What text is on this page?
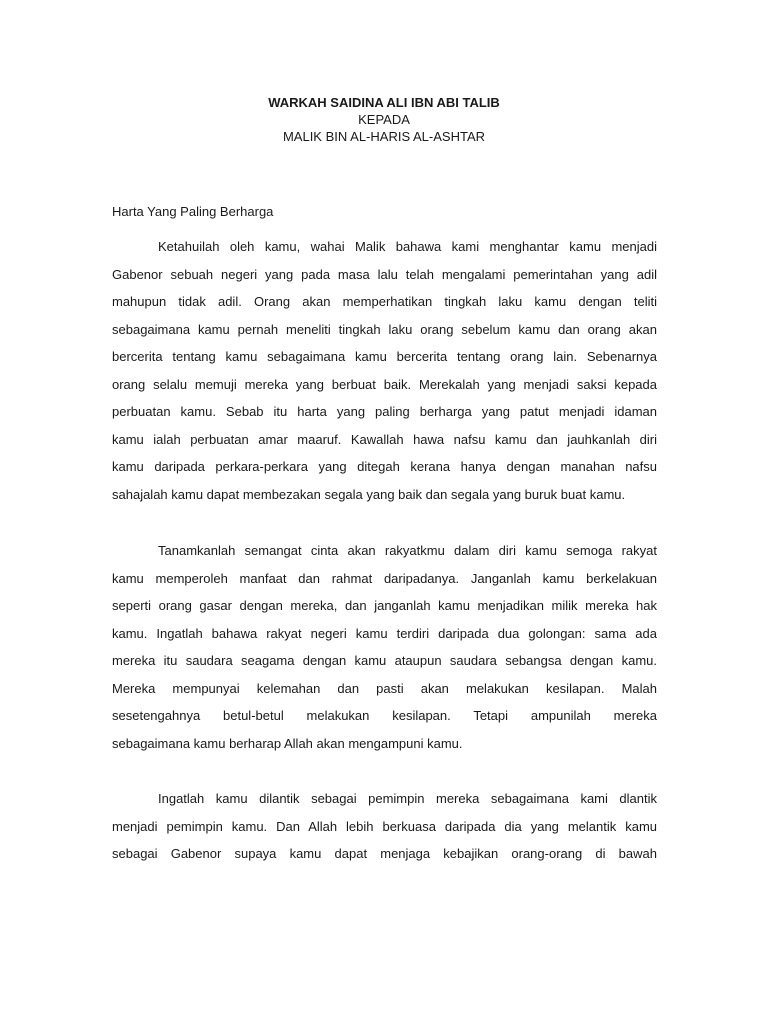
WARKAH SAIDINA ALI IBN ABI TALIB
KEPADA
MALIK BIN AL-HARIS AL-ASHTAR
Harta Yang Paling Berharga
Ketahuilah oleh kamu, wahai Malik bahawa kami menghantar kamu menjadi
Gabenor sebuah negeri yang pada masa lalu telah mengalami pemerintahan yang adil
mahupun tidak adil. Orang akan memperhatikan tingkah laku kamu dengan teliti
sebagaimana kamu pernah meneliti tingkah laku orang sebelum kamu dan orang akan
bercerita tentang kamu sebagaimana kamu bercerita tentang orang lain. Sebenarnya
orang selalu memuji mereka yang berbuat baik. Merekalah yang menjadi saksi kepada
perbuatan kamu. Sebab itu harta yang paling berharga yang patut menjadi idaman
kamu ialah perbuatan amar maaruf. Kawallah hawa nafsu kamu dan jauhkanlah diri
kamu daripada perkara-perkara yang ditegah kerana hanya dengan manahan nafsu
sahajalah kamu dapat membezakan segala yang baik dan segala yang buruk buat kamu.
Tanamkanlah semangat cinta akan rakyatkmu dalam diri kamu semoga rakyat
kamu memperoleh manfaat dan rahmat daripadanya. Janganlah kamu berkelakuan
seperti orang gasar dengan mereka, dan janganlah kamu menjadikan milik mereka hak
kamu. Ingatlah bahawa rakyat negeri kamu terdiri daripada dua golongan: sama ada
mereka itu saudara seagama dengan kamu ataupun saudara sebangsa dengan kamu.
Mereka mempunyai kelemahan dan pasti akan melakukan kesilapan. Malah
sesetengahnya betul-betul melakukan kesilapan. Tetapi ampunilah mereka
sebagaimana kamu berharap Allah akan mengampuni kamu.
Ingatlah kamu dilantik sebagai pemimpin mereka sebagaimana kami dlantik
menjadi pemimpin kamu. Dan Allah lebih berkuasa daripada dia yang melantik kamu
sebagai Gabenor supaya kamu dapat menjaga kebajikan orang-orang di bawah
